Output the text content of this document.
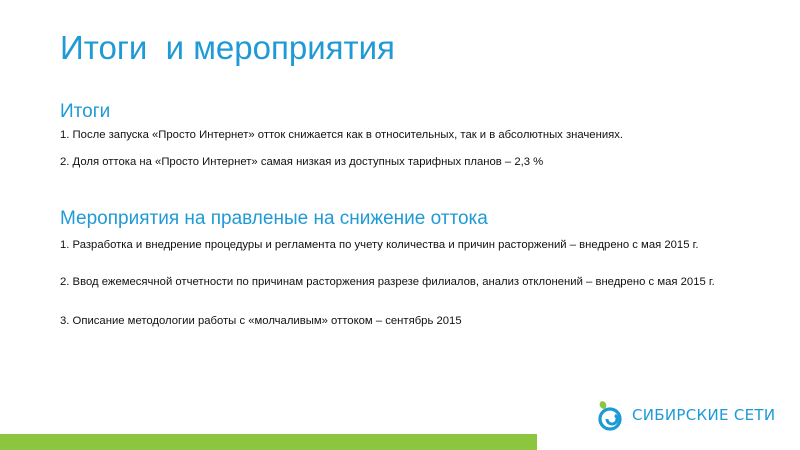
Итоги  и мероприятия
Итоги
1. После запуска «Просто Интернет» отток снижается как в относительных, так и в абсолютных значениях.
2. Доля оттока на «Просто Интернет» самая низкая из доступных тарифных планов – 2,3 %
Мероприятия на правленые на снижение оттока
1. Разработка и внедрение процедуры и регламента по учету количества и причин расторжений – внедрено с мая 2015 г.
2. Ввод ежемесячной отчетности по причинам расторжения разрезе филиалов, анализ отклонений – внедрено с мая 2015 г.
3. Описание методологии работы с «молчаливым» оттоком – сентябрь 2015
СИБИРСКИЕ СЕТИ
